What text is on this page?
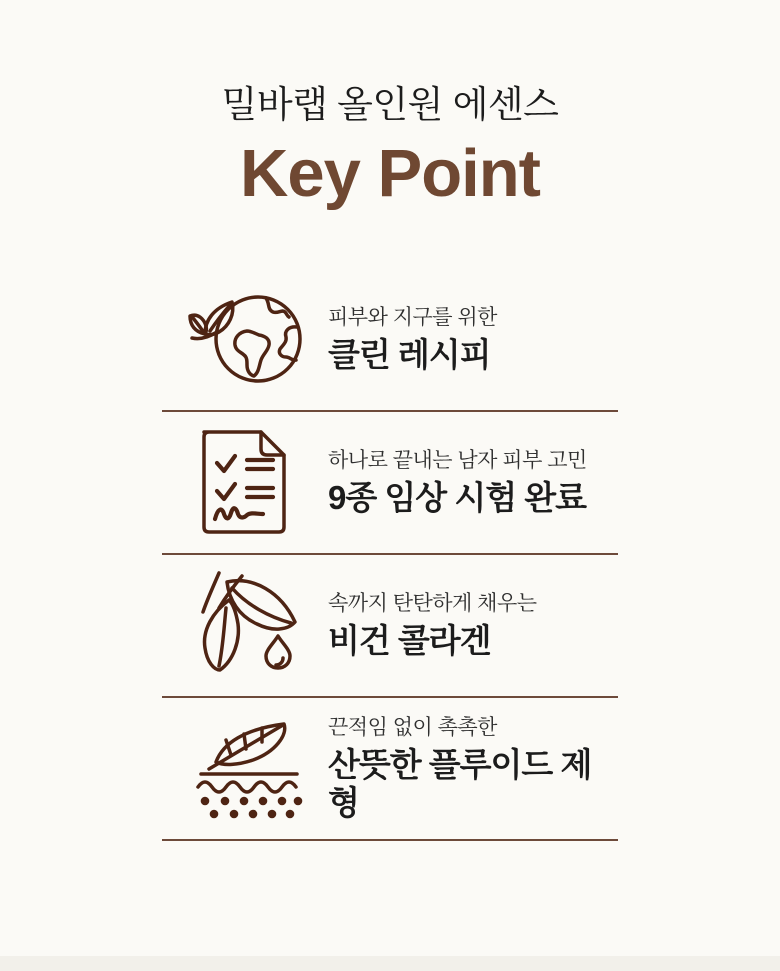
밀바랩 올인원 에센스
Key Point
피부와 지구를 위한
클린 레시피
하나로 끝내는 남자 피부 고민
9종 임상 시험 완료
속까지 탄탄하게 채우는
비건 콜라겐
끈적임 없이 촉촉한
산뜻한 플루이드 제형
